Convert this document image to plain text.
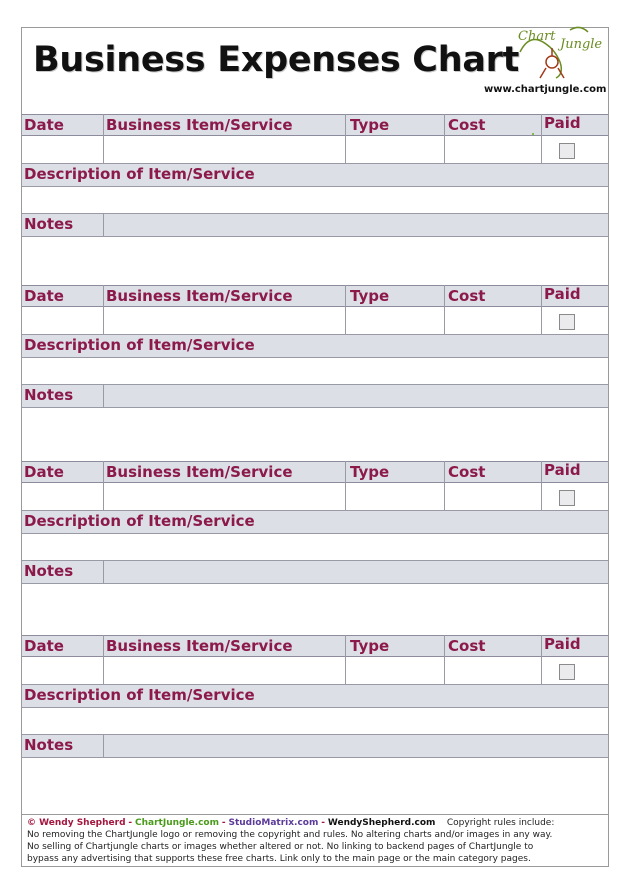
Business Expenses Chart
Chart
Jungle
www.chartjungle.com
Date	Business Item/Service	Type	Cost	Paid
Description of Item/Service
Notes
Date	Business Item/Service	Type	Cost	Paid
Description of Item/Service
Notes
Date	Business Item/Service	Type	Cost	Paid
Description of Item/Service
Notes
Date	Business Item/Service	Type	Cost	Paid
Description of Item/Service
Notes
© Wendy Shepherd - ChartJungle.com - StudioMatrix.com - WendyShepherd.com Copyright rules include:
No removing the ChartJungle logo or removing the copyright and rules. No altering charts and/or images in any way.
No selling of Chartjungle charts or images whether altered or not. No linking to backend pages of ChartJungle to
bypass any advertising that supports these free charts. Link only to the main page or the main category pages.
